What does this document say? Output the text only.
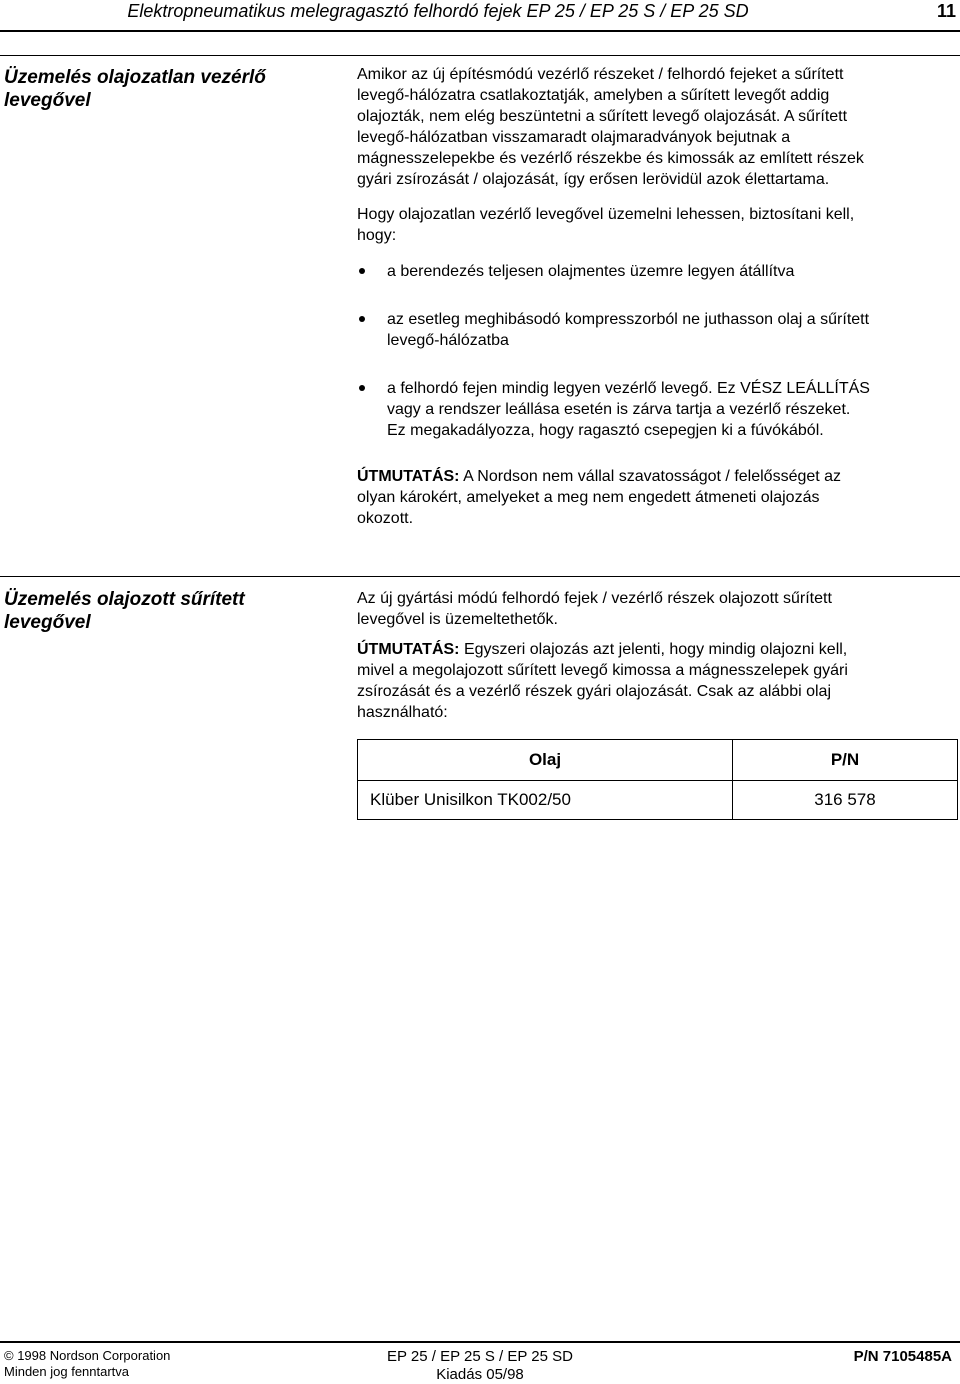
Elektropneumatikus melegragasztó felhordó fejek EP 25 / EP 25 S / EP 25 SD	11
Üzemelés olajozatlan vezérlő
levegővel
Amikor az új építésmódú vezérlő részeket / felhordó fejeket a sűrített
levegő-hálózatra csatlakoztatják, amelyben a sűrített levegőt addig
olajozták, nem elég beszüntetni a sűrített levegő olajozását. A sűrített
levegő-hálózatban visszamaradt olajmaradványok bejutnak a
mágnesszelepekbe és vezérlő részekbe és kimossák az említett részek
gyári zsírozását / olajozását, így erősen lerövidül azok élettartama.
Hogy olajozatlan vezérlő levegővel üzemelni lehessen, biztosítani kell,
hogy:
a berendezés teljesen olajmentes üzemre legyen átállítva
az esetleg meghibásodó kompresszorból ne juthasson olaj a sűrített
levegő-hálózatba
a felhordó fejen mindig legyen vezérlő levegő. Ez VÉSZ LEÁLLÍTÁS
vagy a rendszer leállása esetén is zárva tartja a vezérlő részeket.
Ez megakadályozza, hogy ragasztó csepegjen ki a fúvókából.
ÚTMUTATÁS: A Nordson nem vállal szavatosságot / felelősséget az
olyan károkért, amelyeket a meg nem engedett átmeneti olajozás
okozott.
Üzemelés olajozott sűrített
levegővel
Az új gyártási módú felhordó fejek / vezérlő részek olajozott sűrített
levegővel is üzemeltethetők.
ÚTMUTATÁS: Egyszeri olajozás azt jelenti, hogy mindig olajozni kell,
mivel a megolajozott sűrített levegő kimossa a mágnesszelepek gyári
zsírozását és a vezérlő részek gyári olajozását. Csak az alábbi olaj
használható:
Olaj	P/N
Klüber Unisilkon TK002/50	316 578
© 1998 Nordson Corporation
Minden jog fenntartva
EP 25 / EP 25 S / EP 25 SD
Kiadás 05/98
P/N 7105485A
